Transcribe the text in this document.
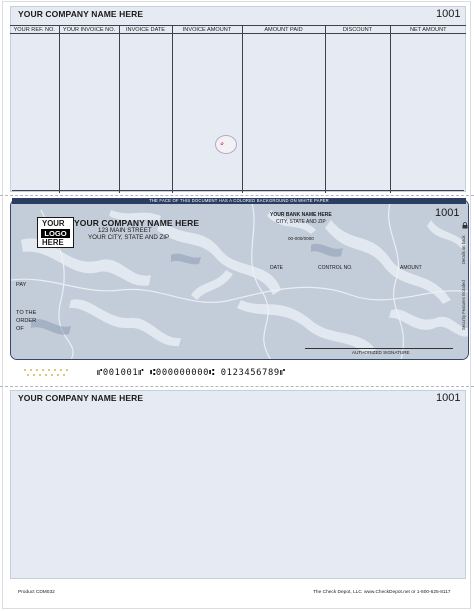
YOUR COMPANY NAME HERE	1001
YOUR REF. NO.	YOUR INVOICE NO.	INVOICE DATE	INVOICE AMOUNT	AMOUNT PAID	DISCOUNT	NET AMOUNT

THE FACE OF THIS DOCUMENT HAS A COLORED BACKGROUND ON WHITE PAPER
YOUR
LOGO
HERE
YOUR COMPANY NAME HERE
123 MAIN STREET
YOUR CITY, STATE AND ZIP
YOUR BANK NAME HERE
CITY, STATE AND ZIP
00-000/0000
1001
DATE	CONTROL NO.	AMOUNT
PAY
TO THE
ORDER
OF
AUTHORIZED SIGNATURE
✿
Security Features Included
Details on back
⑈001001⑈ ⑆000000000⑆ 0123456789⑈
YOUR COMPANY NAME HERE	1001
Product CDM032	The Check Depot, LLC www.CheckDepot.net or 1-800-625-8117
